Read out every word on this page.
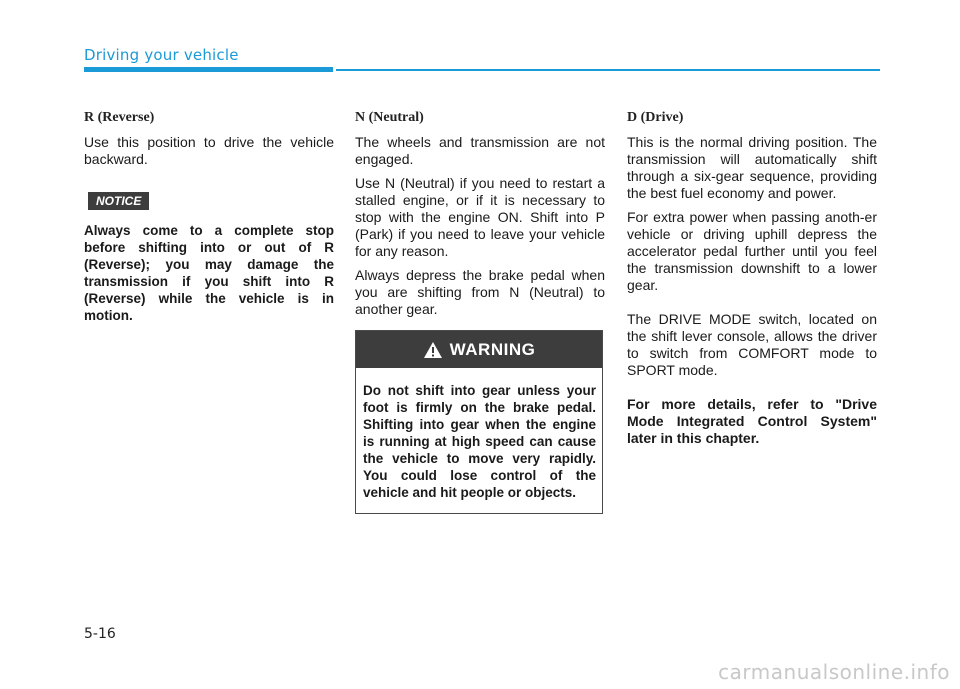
Driving your vehicle
R (Reverse)

Use this position to drive the vehicle backward.

NOTICE
Always come to a complete stop before shifting into or out of R (Reverse); you may damage the transmission if you shift into R (Reverse) while the vehicle is in motion.
N (Neutral)

The wheels and transmission are not engaged.

Use N (Neutral) if you need to restart a stalled engine, or if it is necessary to stop with the engine ON. Shift into P (Park) if you need to leave your vehicle for any reason.

Always depress the brake pedal when you are shifting from N (Neutral) to another gear.

WARNING
Do not shift into gear unless your foot is firmly on the brake pedal. Shifting into gear when the engine is running at high speed can cause the vehicle to move very rapidly. You could lose control of the vehicle and hit people or objects.
D (Drive)

This is the normal driving position. The transmission will automatically shift through a six-gear sequence, providing the best fuel economy and power.

For extra power when passing anoth-er vehicle or driving uphill depress the accelerator pedal further until you feel the transmission downshift to a lower gear.

The DRIVE MODE switch, located on the shift lever console, allows the driver to switch from COMFORT mode to SPORT mode.

For more details, refer to "Drive Mode Integrated Control System" later in this chapter.

5-16
carmanualsonline.info
